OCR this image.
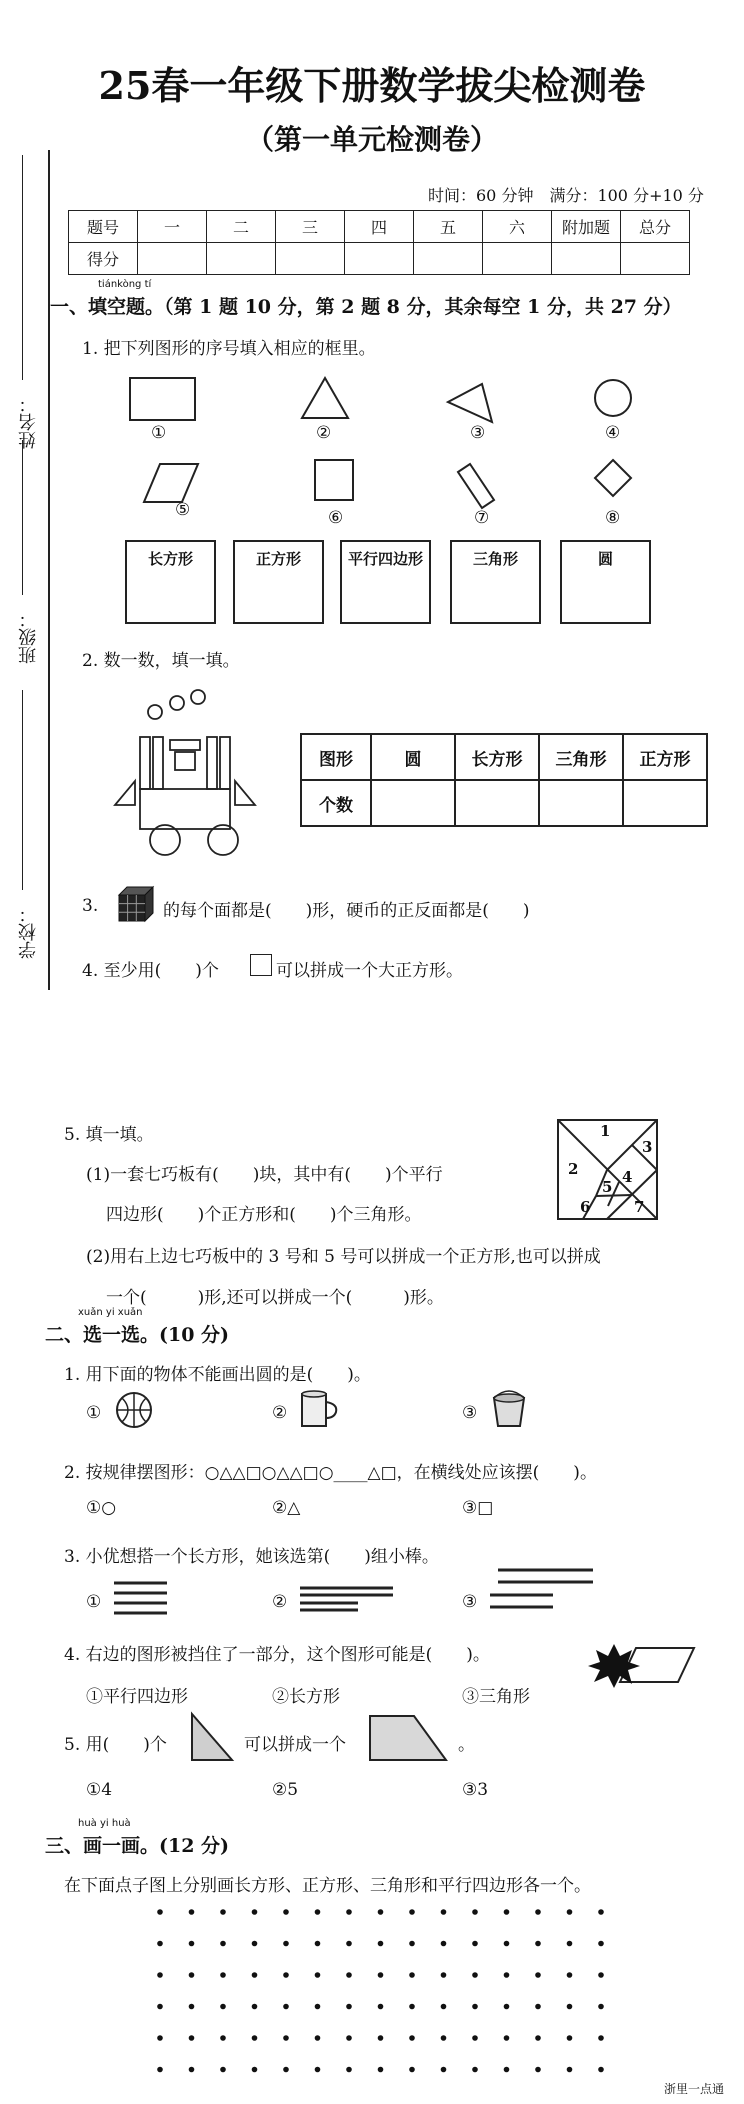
姓名：
班级：
学校：
25春一年级下册数学拔尖检测卷
（第一单元检测卷）
时间：60 分钟　满分：100 分+10 分
题号	一	二	三	四	五	六	附加题	总分
得分								
tiánkòng tí
一、填空题。（第 1 题 10 分，第 2 题 8 分，其余每空 1 分，共 27 分）
1. 把下列图形的序号填入相应的框里。
①	②	③	④
⑤	⑥	⑦	⑧
长方形	正方形	平行四边形	三角形	圆
2. 数一数，填一填。
图形	圆	长方形	三角形	正方形
个数				
3.	的每个面都是(　　)形，硬币的正反面都是(　　)
4. 至少用(　　)个	可以拼成一个大正方形。
5. 填一填。
(1)一套七巧板有(　　)块，其中有(　　)个平行
四边形(　　)个正方形和(　　)个三角形。
(2)用右上边七巧板中的 3 号和 5 号可以拼成一个正方形,也可以拼成
一个(　　　)形,还可以拼成一个(　　　)形。
1
2
3
4
5
6	7
xuǎn yi xuǎn
二、选一选。(10 分)
1. 用下面的物体不能画出圆的是(　　)。
①	②	③
2. 按规律摆图形：○△△□○△△□○____△□，在横线处应该摆(　　)。
①○	②△	③□
3. 小优想搭一个长方形，她该选第(　　)组小棒。
①	②	③
4. 右边的图形被挡住了一部分，这个图形可能是(　　)。
①平行四边形	②长方形	③三角形
5. 用(　　)个	可以拼成一个	。
①4	②5	③3
huà yi huà
三、画一画。(12 分)
在下面点子图上分别画长方形、正方形、三角形和平行四边形各一个。
浙里一点通
